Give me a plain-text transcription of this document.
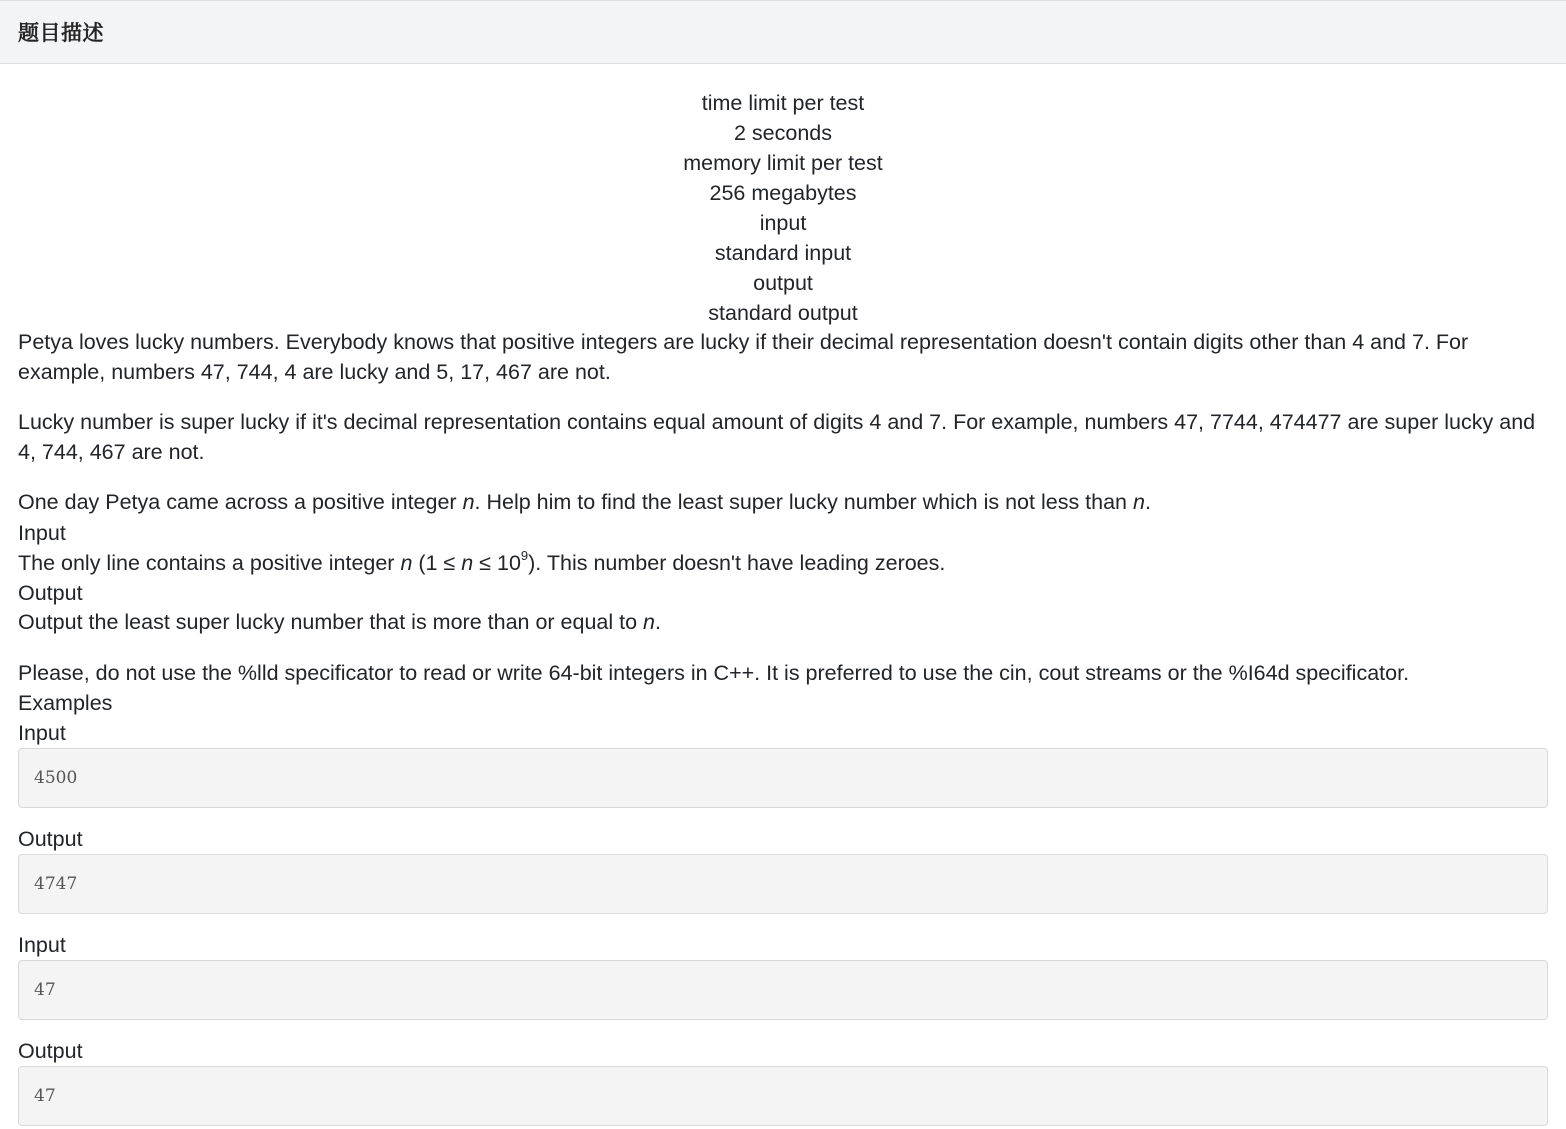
题目描述
time limit per test
2 seconds
memory limit per test
256 megabytes
input
standard input
output
standard output

Petya loves lucky numbers. Everybody knows that positive integers are lucky if their decimal representation doesn't contain digits other than 4 and 7. For example, numbers 47, 744, 4 are lucky and 5, 17, 467 are not.

Lucky number is super lucky if it's decimal representation contains equal amount of digits 4 and 7. For example, numbers 47, 7744, 474477 are super lucky and 4, 744, 467 are not.

One day Petya came across a positive integer n. Help him to find the least super lucky number which is not less than n.

Input
The only line contains a positive integer n $(1 \le n \le 10^9)$. This number doesn't have leading zeroes.
Output

Output the least super lucky number that is more than or equal to n.

Please, do not use the %lld specificator to read or write 64-bit integers in C++. It is preferred to use the cin, cout streams or the %I64d specificator.
Examples
Input
4500
Output
4747
Input
47
Output
47
